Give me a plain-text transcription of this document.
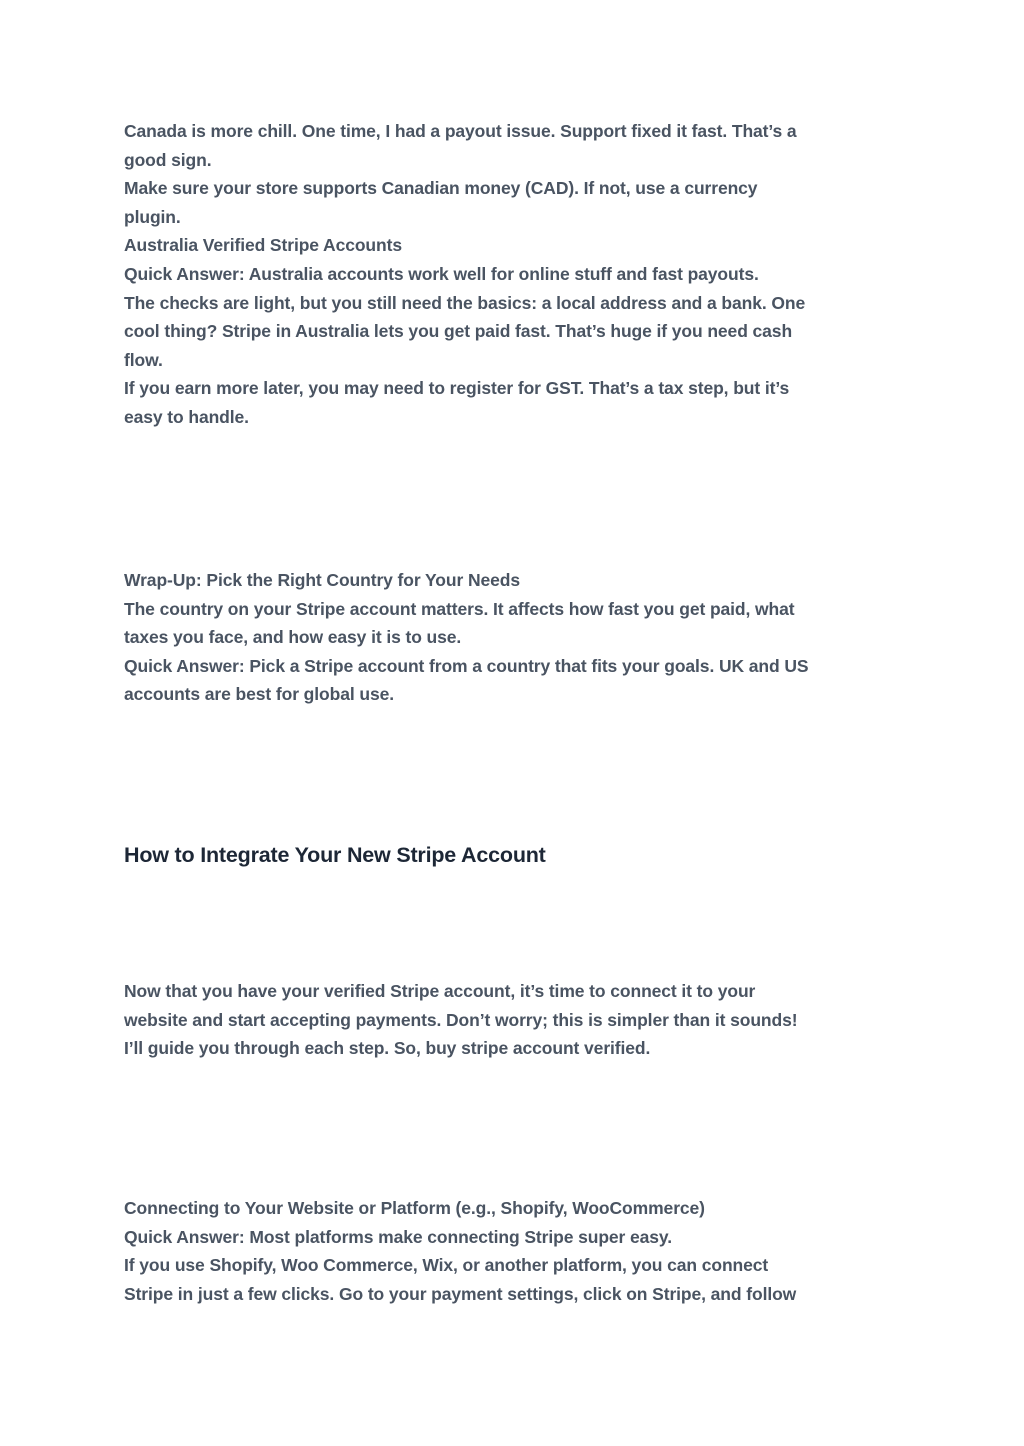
Canada is more chill. One time, I had a payout issue. Support fixed it fast. That’s a
good sign.
Make sure your store supports Canadian money (CAD). If not, use a currency
plugin.
Australia Verified Stripe Accounts
Quick Answer: Australia accounts work well for online stuff and fast payouts.
The checks are light, but you still need the basics: a local address and a bank. One
cool thing? Stripe in Australia lets you get paid fast. That’s huge if you need cash
flow.
If you earn more later, you may need to register for GST. That’s a tax step, but it’s
easy to handle.
Wrap-Up: Pick the Right Country for Your Needs
The country on your Stripe account matters. It affects how fast you get paid, what
taxes you face, and how easy it is to use.
Quick Answer: Pick a Stripe account from a country that fits your goals. UK and US
accounts are best for global use.
How to Integrate Your New Stripe Account
Now that you have your verified Stripe account, it’s time to connect it to your
website and start accepting payments. Don’t worry; this is simpler than it sounds!
I’ll guide you through each step. So, buy stripe account verified.
Connecting to Your Website or Platform (e.g., Shopify, WooCommerce)
Quick Answer: Most platforms make connecting Stripe super easy.
If you use Shopify, Woo Commerce, Wix, or another platform, you can connect
Stripe in just a few clicks. Go to your payment settings, click on Stripe, and follow
